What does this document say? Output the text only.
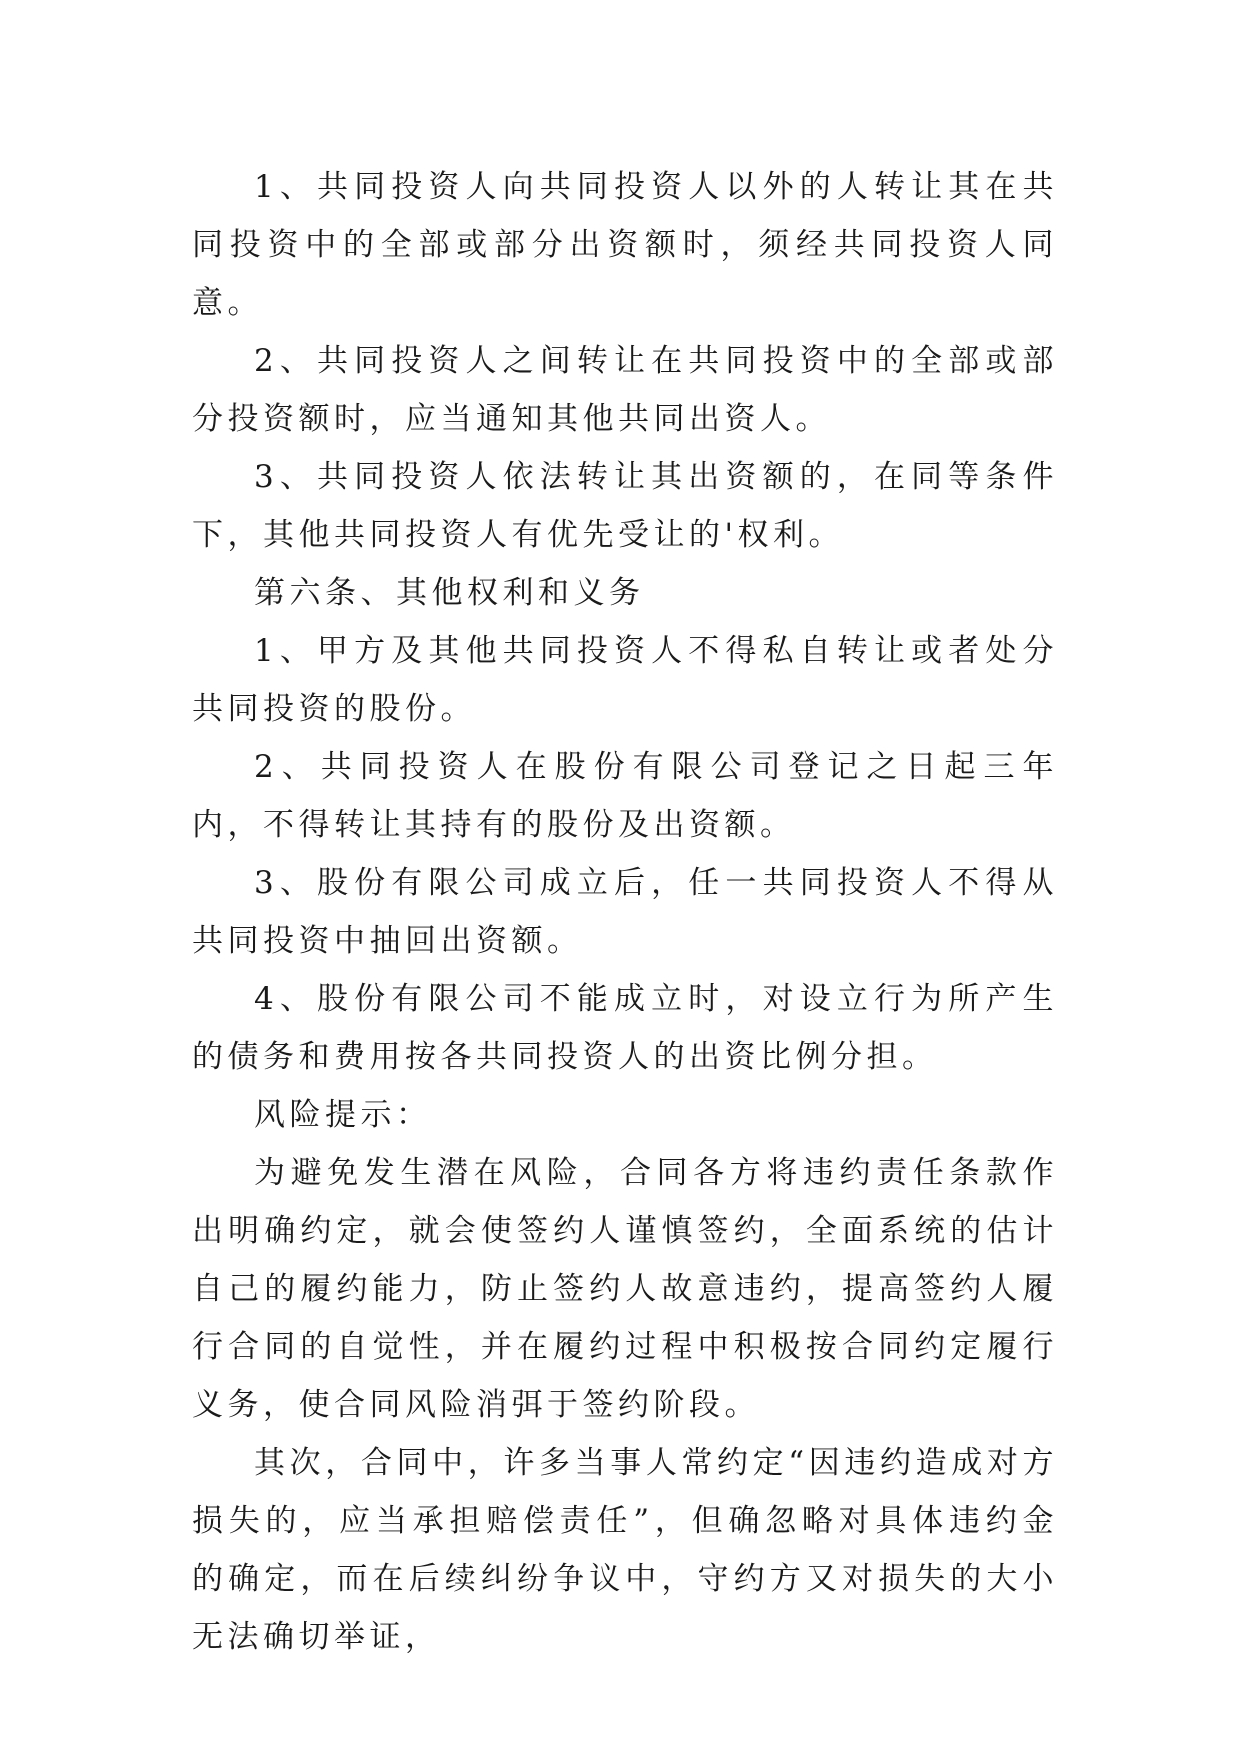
1、共同投资人向共同投资人以外的人转让其在共同投资中的全部或部分出资额时，须经共同投资人同意。

2、共同投资人之间转让在共同投资中的全部或部分投资额时，应当通知其他共同出资人。

3、共同投资人依法转让其出资额的，在同等条件下，其他共同投资人有优先受让的'权利。

第六条、其他权利和义务

1、甲方及其他共同投资人不得私自转让或者处分共同投资的股份。

2、共同投资人在股份有限公司登记之日起三年内，不得转让其持有的股份及出资额。

3、股份有限公司成立后，任一共同投资人不得从共同投资中抽回出资额。

4、股份有限公司不能成立时，对设立行为所产生的债务和费用按各共同投资人的出资比例分担。

风险提示：

为避免发生潜在风险，合同各方将违约责任条款作出明确约定，就会使签约人谨慎签约，全面系统的估计自己的履约能力，防止签约人故意违约，提高签约人履行合同的自觉性，并在履约过程中积极按合同约定履行义务，使合同风险消弭于签约阶段。

其次，合同中，许多当事人常约定“因违约造成对方损失的，应当承担赔偿责任”，但确忽略对具体违约金的确定，而在后续纠纷争议中，守约方又对损失的大小无法确切举证，
